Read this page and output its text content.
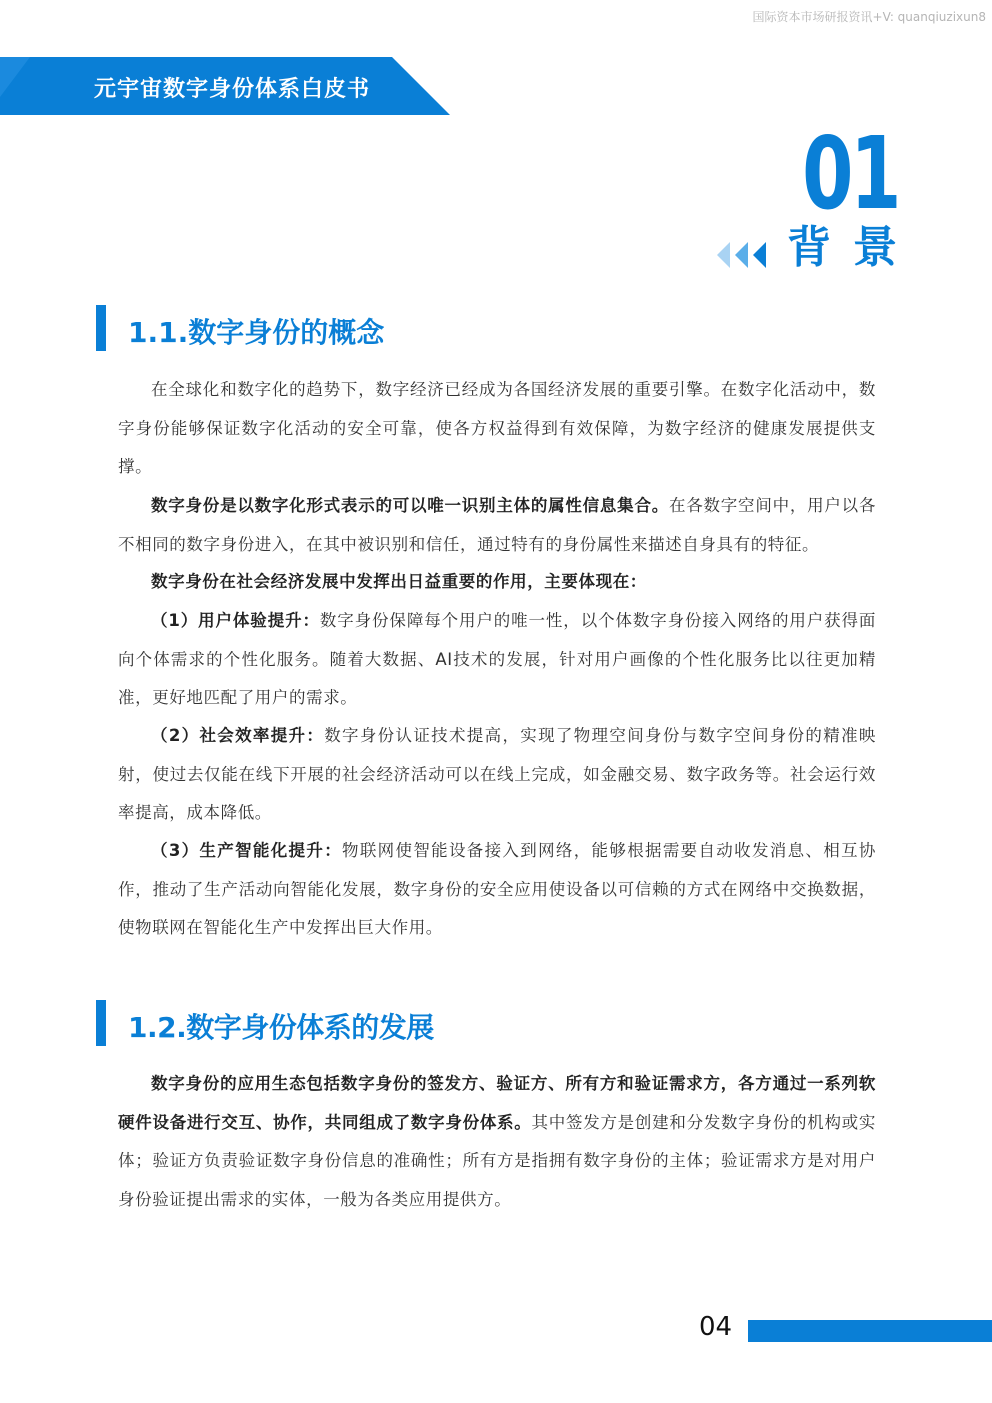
国际资本市场研报资讯+V: quanqiuzixun8
元宇宙数字身份体系白皮书
01
背景
1.1.数字身份的概念

在全球化和数字化的趋势下，数字经济已经成为各国经济发展的重要引擎。在数字化活动中，数字身份能够保证数字化活动的安全可靠，使各方权益得到有效保障，为数字经济的健康发展提供支撑。

数字身份是以数字化形式表示的可以唯一识别主体的属性信息集合。在各数字空间中，用户以各不相同的数字身份进入，在其中被识别和信任，通过特有的身份属性来描述自身具有的特征。

数字身份在社会经济发展中发挥出日益重要的作用，主要体现在：

（1）用户体验提升：数字身份保障每个用户的唯一性，以个体数字身份接入网络的用户获得面向个体需求的个性化服务。随着大数据、AI技术的发展，针对用户画像的个性化服务比以往更加精准，更好地匹配了用户的需求。

（2）社会效率提升：数字身份认证技术提高，实现了物理空间身份与数字空间身份的精准映射，使过去仅能在线下开展的社会经济活动可以在线上完成，如金融交易、数字政务等。社会运行效率提高，成本降低。

（3）生产智能化提升：物联网使智能设备接入到网络，能够根据需要自动收发消息、相互协作，推动了生产活动向智能化发展，数字身份的安全应用使设备以可信赖的方式在网络中交换数据，使物联网在智能化生产中发挥出巨大作用。

1.2.数字身份体系的发展

数字身份的应用生态包括数字身份的签发方、验证方、所有方和验证需求方，各方通过一系列软硬件设备进行交互、协作，共同组成了数字身份体系。其中签发方是创建和分发数字身份的机构或实体；验证方负责验证数字身份信息的准确性；所有方是指拥有数字身份的主体；验证需求方是对用户身份验证提出需求的实体，一般为各类应用提供方。

04
